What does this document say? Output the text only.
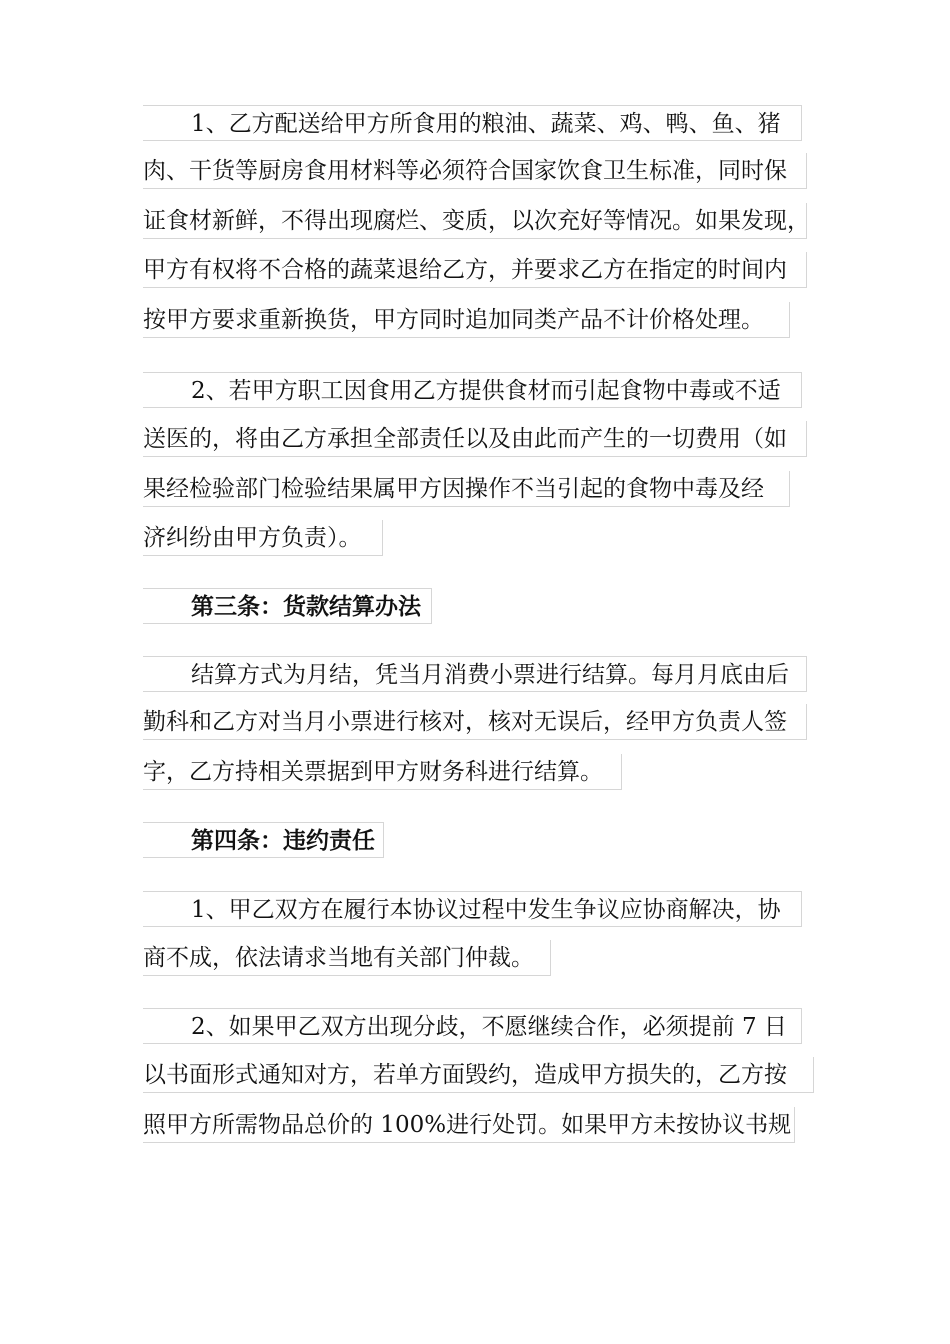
1、乙方配送给甲方所食用的粮油、蔬菜、鸡、鸭、鱼、猪
肉、干货等厨房食用材料等必须符合国家饮食卫生标准，同时保
证食材新鲜，不得出现腐烂、变质，以次充好等情况。如果发现，
甲方有权将不合格的蔬菜退给乙方，并要求乙方在指定的时间内
按甲方要求重新换货，甲方同时追加同类产品不计价格处理。
2、若甲方职工因食用乙方提供食材而引起食物中毒或不适
送医的，将由乙方承担全部责任以及由此而产生的一切费用（如
果经检验部门检验结果属甲方因操作不当引起的食物中毒及经
济纠纷由甲方负责）。
第三条：货款结算办法
结算方式为月结，凭当月消费小票进行结算。每月月底由后
勤科和乙方对当月小票进行核对，核对无误后，经甲方负责人签
字，乙方持相关票据到甲方财务科进行结算。
第四条：违约责任
1、甲乙双方在履行本协议过程中发生争议应协商解决，协
商不成，依法请求当地有关部门仲裁。
2、如果甲乙双方出现分歧，不愿继续合作，必须提前 7 日
以书面形式通知对方，若单方面毁约，造成甲方损失的，乙方按
照甲方所需物品总价的 100%进行处罚。如果甲方未按协议书规
